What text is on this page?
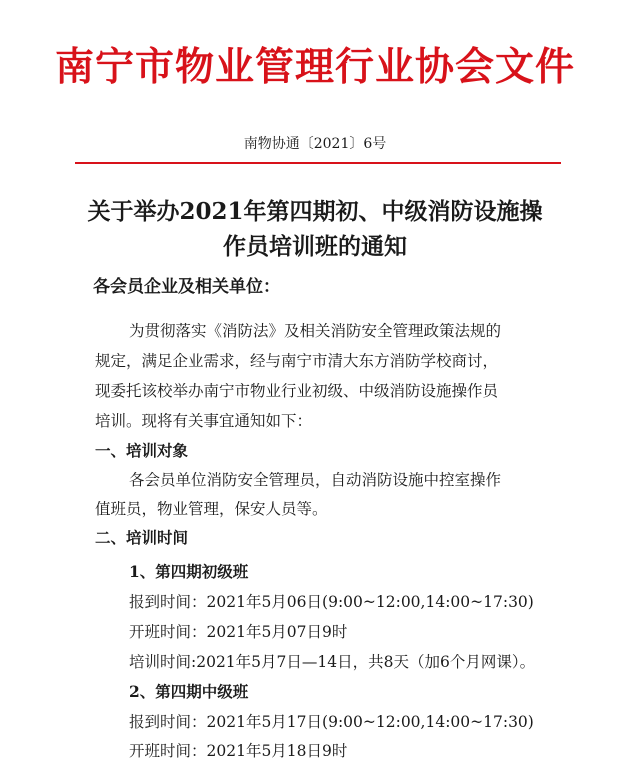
南宁市物业管理行业协会文件
南物协通〔2021〕6号
关于举办2021年第四期初、中级消防设施操
作员培训班的通知
各会员企业及相关单位：
为贯彻落实《消防法》及相关消防安全管理政策法规的
规定，满足企业需求，经与南宁市清大东方消防学校商讨，
现委托该校举办南宁市物业行业初级、中级消防设施操作员
培训。现将有关事宜通知如下：
一、培训对象
各会员单位消防安全管理员，自动消防设施中控室操作
值班员，物业管理，保安人员等。
二、培训时间
1、第四期初级班
报到时间：2021年5月06日(9:00~12:00,14:00~17:30)
开班时间：2021年5月07日9时
培训时间:2021年5月7日—14日，共8天（加6个月网课）。
2、第四期中级班
报到时间：2021年5月17日(9:00~12:00,14:00~17:30)
开班时间：2021年5月18日9时
